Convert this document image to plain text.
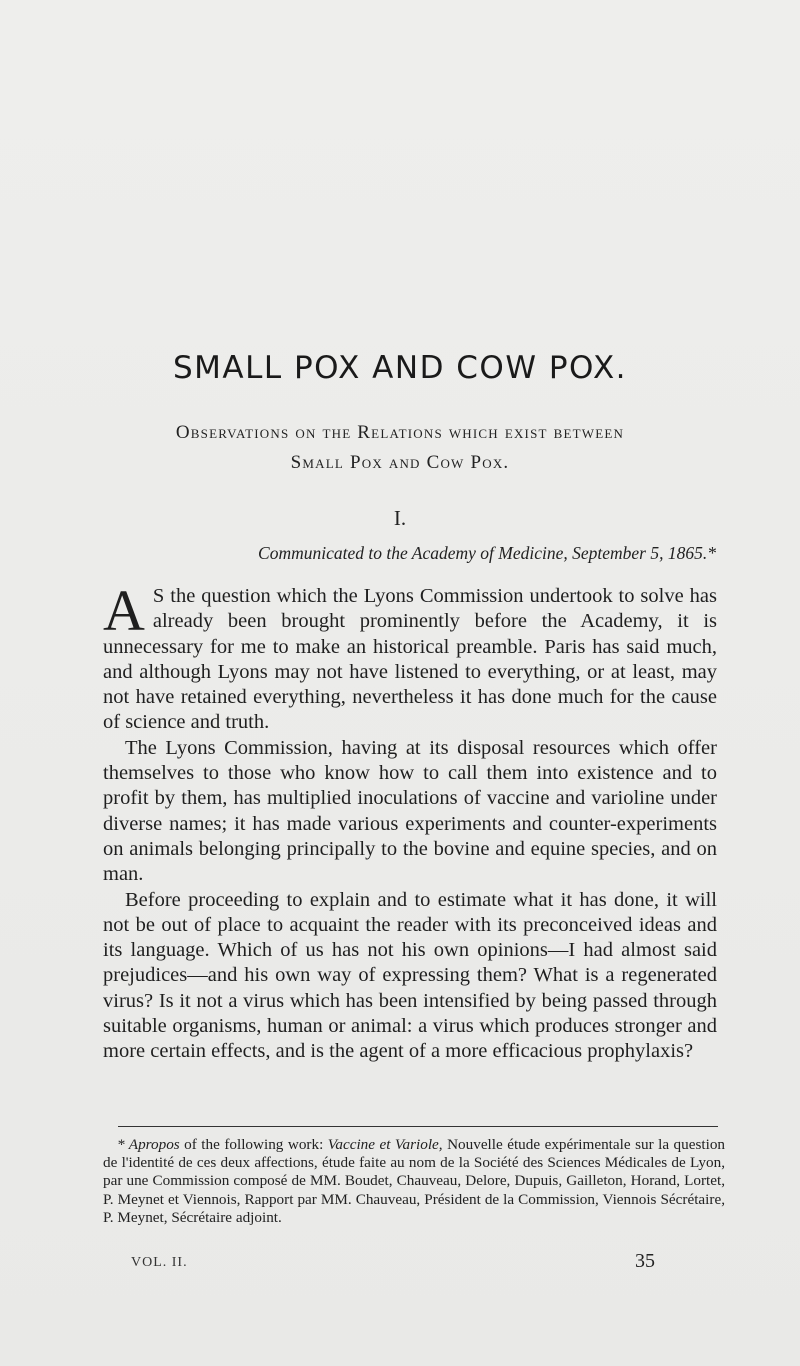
SMALL POX AND COW POX.
Observations on the Relations which exist between
Small Pox and Cow Pox.
I.
Communicated to the Academy of Medicine, September 5, 1865.*

A S the question which the Lyons Commission undertook to solve has already been brought prominently before the Academy, it is unnecessary for me to make an historical preamble. Paris has said much, and although Lyons may not have listened to everything, or at least, may not have retained everything, nevertheless it has done much for the cause of science and truth.

The Lyons Commission, having at its disposal resources which offer themselves to those who know how to call them into existence and to profit by them, has multiplied inoculations of vaccine and varioline under diverse names; it has made various experiments and counter-experiments on animals belonging principally to the bovine and equine species, and on man.

Before proceeding to explain and to estimate what it has done, it will not be out of place to acquaint the reader with its preconceived ideas and its language. Which of us has not his own opinions—I had almost said prejudices—and his own way of expressing them? What is a regenerated virus? Is it not a virus which has been intensified by being passed through suitable organisms, human or animal: a virus which produces stronger and more certain effects, and is the agent of a more efficacious prophylaxis?

* Apropos of the following work: Vaccine et Variole, Nouvelle étude expérimentale sur la question de l'identité de ces deux affections, étude faite au nom de la Société des Sciences Médicales de Lyon, par une Commission composé de MM. Boudet, Chauveau, Delore, Dupuis, Gailleton, Horand, Lortet, P. Meynet et Viennois, Rapport par MM. Chauveau, Président de la Commission, Viennois Sécrétaire, P. Meynet, Sécrétaire adjoint.

VOL. II.	35
